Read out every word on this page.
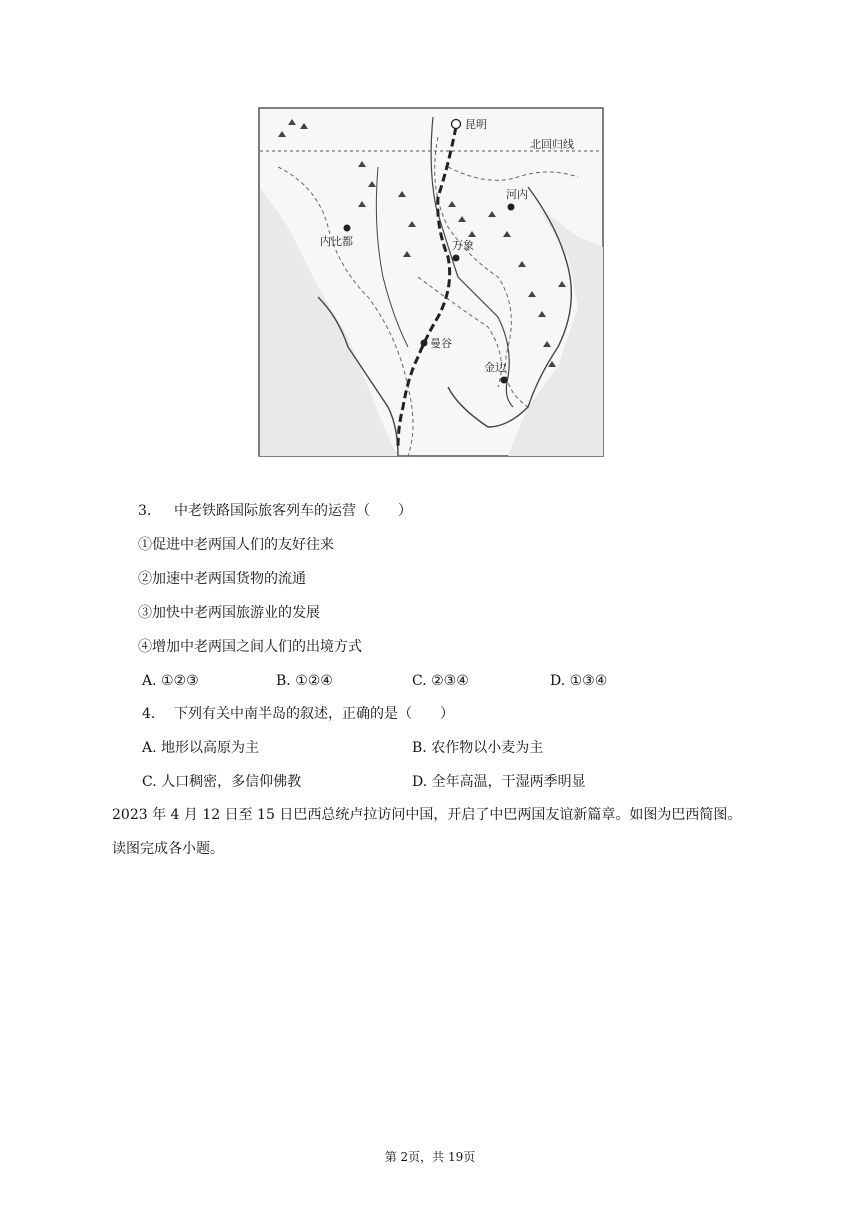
昆明
北回归线
河内
内比都	万象
曼谷
金边
3. 中老铁路国际旅客列车的运营（　　）
①促进中老两国人们的友好往来
②加速中老两国货物的流通
③加快中老两国旅游业的发展
④增加中老两国之间人们的出境方式
A. ①②③	B. ①②④	C. ②③④	D. ①③④
4. 下列有关中南半岛的叙述，正确的是（　　）
A. 地形以高原为主	B. 农作物以小麦为主
C. 人口稠密，多信仰佛教	D. 全年高温，干湿两季明显
2023 年 4 月 12 日至 15 日巴西总统卢拉访问中国，开启了中巴两国友谊新篇章。如图为巴西简图。
读图完成各小题。
第 2页，共 19页
